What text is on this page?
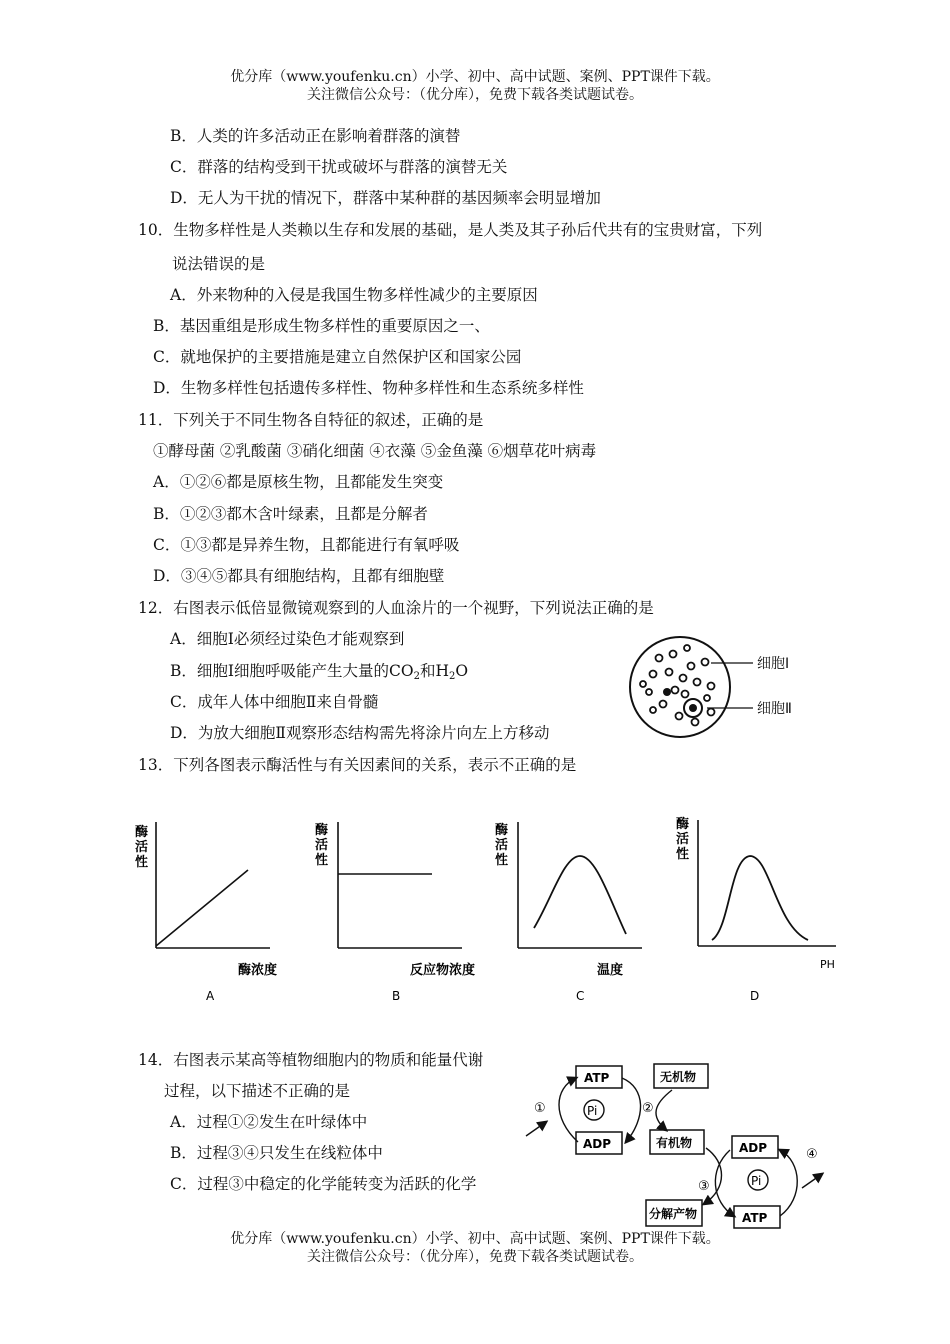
优分库（www.youfenku.cn）小学、初中、高中试题、案例、PPT课件下载。
关注微信公众号：（优分库），免费下载各类试题试卷。
B．人类的许多活动正在影响着群落的演替
C．群落的结构受到干扰或破坏与群落的演替无关
D．无人为干扰的情况下，群落中某种群的基因频率会明显增加
10．生物多样性是人类赖以生存和发展的基础，是人类及其子孙后代共有的宝贵财富，下列
说法错误的是
A．外来物种的入侵是我国生物多样性减少的主要原因
B．基因重组是形成生物多样性的重要原因之一、
C．就地保护的主要措施是建立自然保护区和国家公园
D．生物多样性包括遗传多样性、物种多样性和生态系统多样性
11．下列关于不同生物各自特征的叙述，正确的是
①酵母菌 ②乳酸菌 ③硝化细菌 ④衣藻 ⑤金鱼藻 ⑥烟草花叶病毒
A．①②⑥都是原核生物，且都能发生突变
B．①②③都木含叶绿素，且都是分解者
C．①③都是异养生物，且都能进行有氧呼吸
D．③④⑤都具有细胞结构，且都有细胞壁
12．右图表示低倍显微镜观察到的人血涂片的一个视野，下列说法正确的是
A．细胞Ⅰ必须经过染色才能观察到
B．细胞Ⅰ细胞呼吸能产生大量的$CO_2$和$H_2O$
C．成年人体中细胞Ⅱ来自骨髓
D．为放大细胞Ⅱ观察形态结构需先将涂片向左上方移动
细胞Ⅰ
细胞Ⅱ
13．下列各图表示酶活性与有关因素间的关系，表示不正确的是
酶
活
性
酶浓度
A
酶
活
性
反应物浓度
B
酶
活
性
温度
C
酶
活
性
PH
D
14．右图表示某高等植物细胞内的物质和能量代谢
过程，以下描述不正确的是
A．过程①②发生在叶绿体中
B．过程③④只发生在线粒体中
C．过程③中稳定的化学能转变为活跃的化学
ATP
ADP
Pi
无机物
有机物
①	②
ADP
Pi
ATP
分解产物
③
④
优分库（www.youfenku.cn）小学、初中、高中试题、案例、PPT课件下载。
关注微信公众号：（优分库），免费下载各类试题试卷。
